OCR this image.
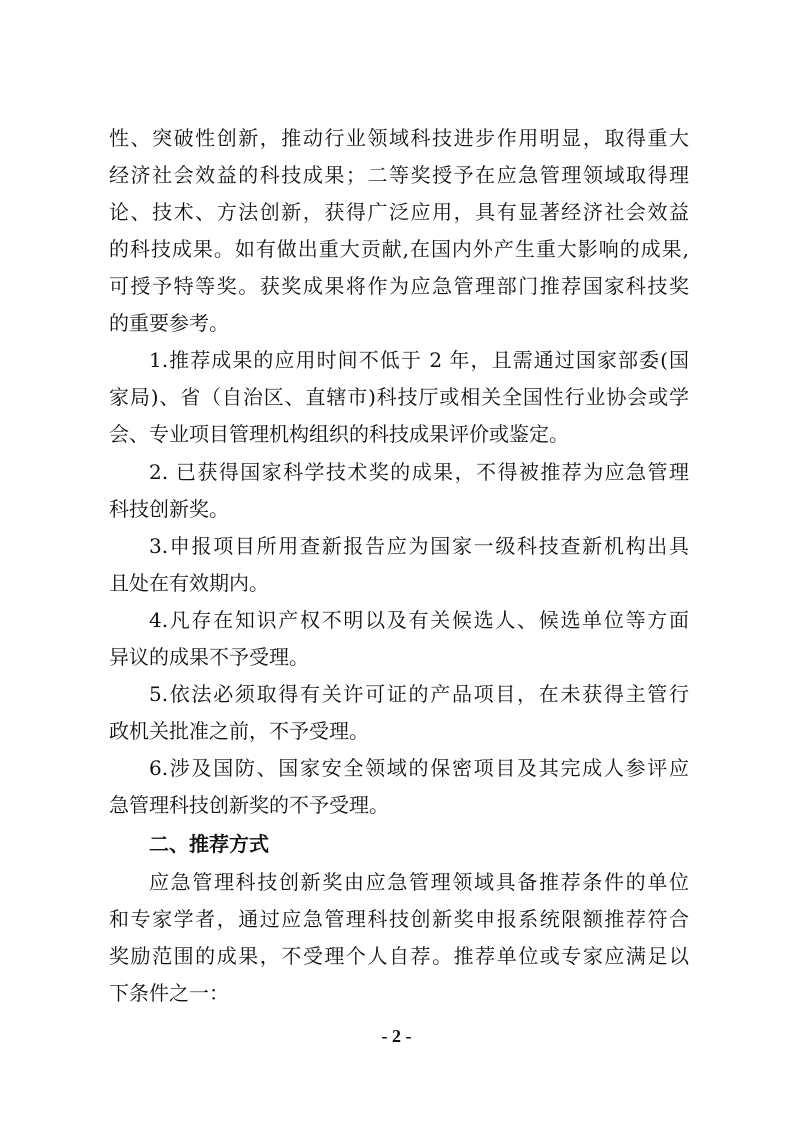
性、突破性创新，推动行业领域科技进步作用明显，取得重大
经济社会效益的科技成果；二等奖授予在应急管理领域取得理
论、技术、方法创新，获得广泛应用，具有显著经济社会效益
的科技成果。如有做出重大贡献,在国内外产生重大影响的成果,
可授予特等奖。获奖成果将作为应急管理部门推荐国家科技奖
的重要参考。
1.推荐成果的应用时间不低于 2 年，且需通过国家部委(国
家局)、省（自治区、直辖市)科技厅或相关全国性行业协会或学
会、专业项目管理机构组织的科技成果评价或鉴定。
2. 已获得国家科学技术奖的成果，不得被推荐为应急管理
科技创新奖。
3.申报项目所用查新报告应为国家一级科技查新机构出具
且处在有效期内。
4.凡存在知识产权不明以及有关候选人、候选单位等方面
异议的成果不予受理。
5.依法必须取得有关许可证的产品项目，在未获得主管行
政机关批准之前，不予受理。
6.涉及国防、国家安全领域的保密项目及其完成人参评应
急管理科技创新奖的不予受理。
二、推荐方式
应急管理科技创新奖由应急管理领域具备推荐条件的单位
和专家学者，通过应急管理科技创新奖申报系统限额推荐符合
奖励范围的成果，不受理个人自荐。推荐单位或专家应满足以
下条件之一：
- 2 -
